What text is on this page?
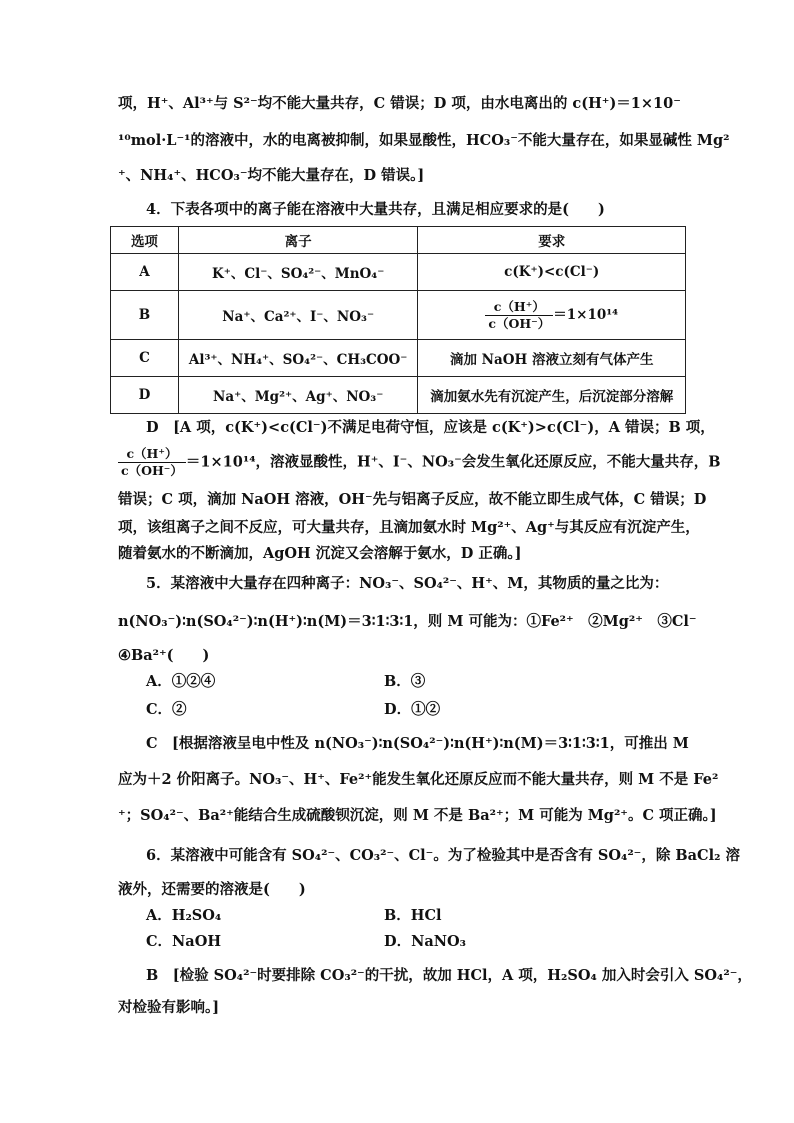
项，H⁺、Al³⁺与 S²⁻均不能大量共存，C 错误；D 项，由水电离出的 c(H⁺)＝1×10⁻
¹⁰mol·L⁻¹的溶液中，水的电离被抑制，如果显酸性，HCO₃⁻不能大量存在，如果显碱性 Mg²
⁺、NH₄⁺、HCO₃⁻均不能大量存在，D 错误。]
4．下表各项中的离子能在溶液中大量共存，且满足相应要求的是(　　)
选项	离子	要求
A	K⁺、Cl⁻、SO₄²⁻、MnO₄⁻	c(K⁺)<c(Cl⁻)
B	Na⁺、Ca²⁺、I⁻、NO₃⁻	$\frac{c(H^+)}{c(OH^-)} =1\times 10^{14}$
C	Al³⁺、NH₄⁺、SO₄²⁻、CH₃COO⁻	滴加 NaOH 溶液立刻有气体产生
D	Na⁺、Mg²⁺、Ag⁺、NO₃⁻	滴加氨水先有沉淀产生，后沉淀部分溶解
D　[A 项，c(K⁺)<c(Cl⁻)不满足电荷守恒，应该是 c(K⁺)>c(Cl⁻)，A 错误；B 项，
$\frac{c(H^+)}{c(OH^-)} =1\times 10^{14}$，溶液显酸性，H⁺、I⁻、NO₃⁻会发生氧化还原反应，不能大量共存，B
错误；C 项，滴加 NaOH 溶液，OH⁻先与铝离子反应，故不能立即生成气体，C 错误；D
项，该组离子之间不反应，可大量共存，且滴加氨水时 Mg²⁺、Ag⁺与其反应有沉淀产生，
随着氨水的不断滴加，AgOH 沉淀又会溶解于氨水，D 正确。]
5．某溶液中大量存在四种离子：NO₃⁻、SO₄²⁻、H⁺、M，其物质的量之比为：
n(NO₃⁻)∶n(SO₄²⁻)∶n(H⁺)∶n(M)＝3∶1∶3∶1，则 M 可能为：①Fe²⁺　②Mg²⁺　③Cl⁻
④Ba²⁺(　　)
A．①②④	B．③
C．②	D．①②
C　[根据溶液呈电中性及 n(NO₃⁻)∶n(SO₄²⁻)∶n(H⁺)∶n(M)＝3∶1∶3∶1，可推出 M
应为＋2 价阳离子。NO₃⁻、H⁺、Fe²⁺能发生氧化还原反应而不能大量共存，则 M 不是 Fe²
⁺；SO₄²⁻、Ba²⁺能结合生成硫酸钡沉淀，则 M 不是 Ba²⁺；M 可能为 Mg²⁺。C 项正确。]
6．某溶液中可能含有 SO₄²⁻、CO₃²⁻、Cl⁻。为了检验其中是否含有 SO₄²⁻，除 BaCl₂ 溶
液外，还需要的溶液是(　　)
A．H₂SO₄	B．HCl
C．NaOH	D．NaNO₃
B　[检验 SO₄²⁻时要排除 CO₃²⁻的干扰，故加 HCl，A 项，H₂SO₄ 加入时会引入 SO₄²⁻，
对检验有影响。]
